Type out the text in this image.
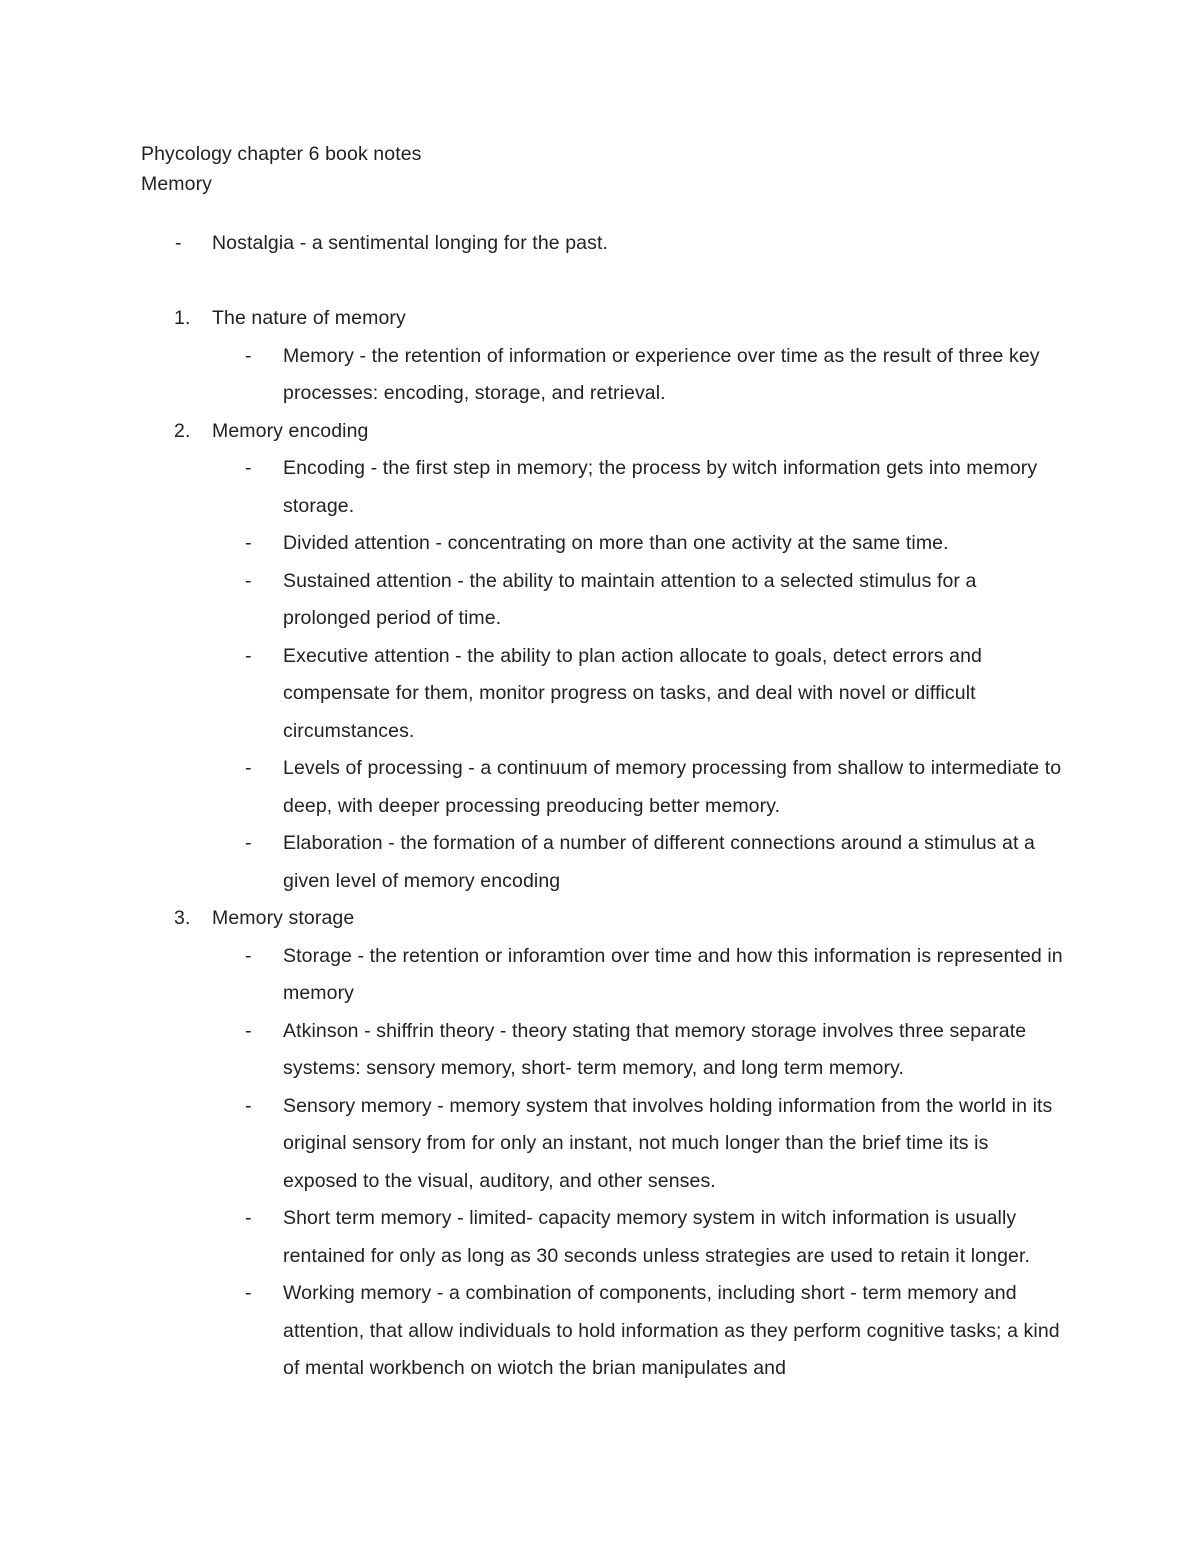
Phycology chapter 6 book notes
Memory
-	Nostalgia - a sentimental longing for the past.
1.	The nature of memory
-	Memory - the retention of information or experience over time as the result of three key processes: encoding, storage, and retrieval.
2.	Memory encoding
-	Encoding - the first step in memory; the process by witch information gets into memory storage.
-	Divided attention - concentrating on more than one activity at the same time.
-	Sustained attention - the ability to maintain attention to a selected stimulus for a prolonged period of time.
-	Executive attention - the ability to plan action allocate to goals, detect errors and compensate for them, monitor progress on tasks, and deal with novel or difficult circumstances.
-	Levels of processing - a continuum of memory processing from shallow to intermediate to deep, with deeper processing preoducing better memory.
-	Elaboration - the formation of a number of different connections around a stimulus at a given level of memory encoding
3.	Memory storage
-	Storage - the retention or inforamtion over time and how this information is represented in memory
-	Atkinson - shiffrin theory - theory stating that memory storage involves three separate systems: sensory memory, short- term memory, and long term memory.
-	Sensory memory - memory system that involves holding information from the world in its original sensory from for only an instant, not much longer than the brief time its is exposed to the visual, auditory, and other senses.
-	Short term memory - limited- capacity memory system in witch information is usually rentained for only as long as 30 seconds unless strategies are used to retain it longer.
-	Working memory - a combination of components, including short - term memory and attention, that allow individuals to hold information as they perform cognitive tasks; a kind of mental workbench on wiotch the brian manipulates and
